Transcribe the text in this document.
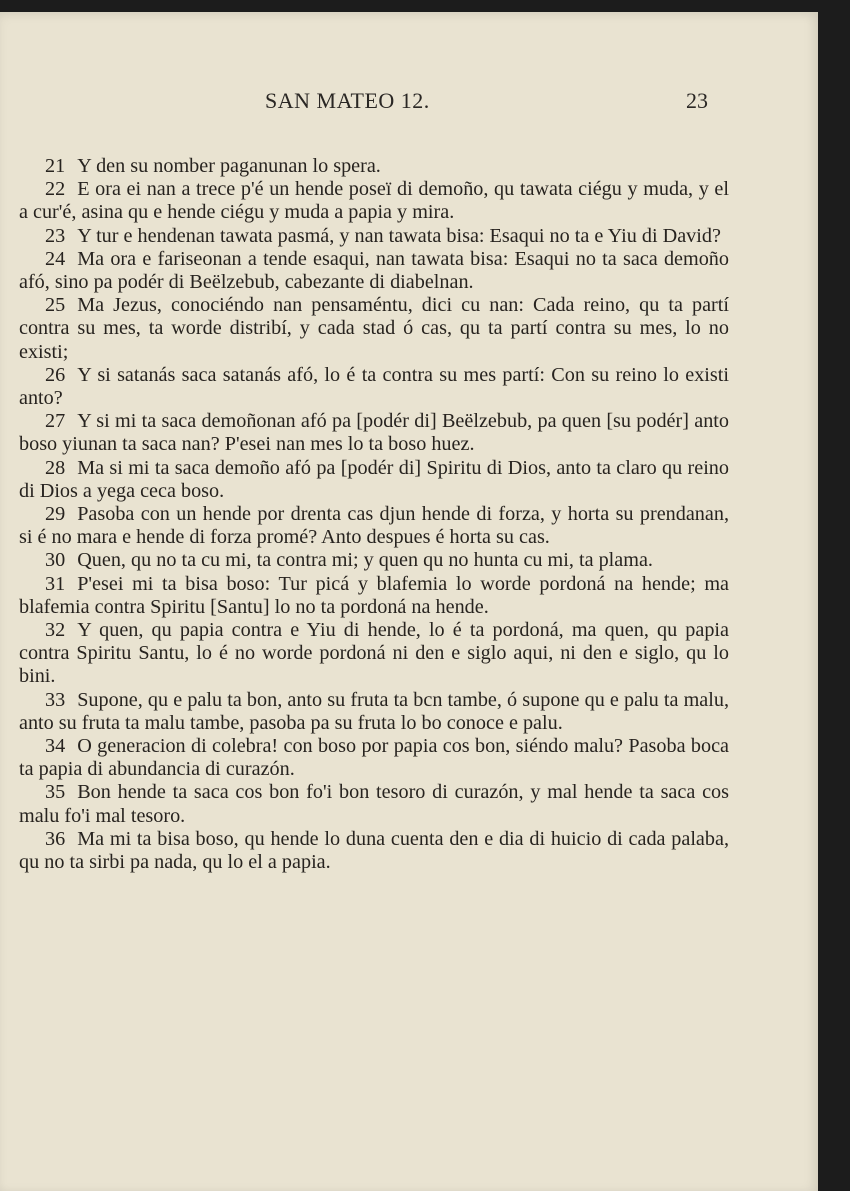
SAN MATEO 12.	23

21 Y den su nomber paganunan lo spera.

22 E ora ei nan a trece p'é un hende poseï di demoño, qu tawata ciégu y muda, y el a cur'é, asina qu e hende ciégu y muda a papia y mira.

23 Y tur e hendenan tawata pasmá, y nan tawata bisa: Esaqui no ta e Yiu di David?

24 Ma ora e fariseonan a tende esaqui, nan tawata bisa: Esaqui no ta saca demoño afó, sino pa podér di Beëlzebub, cabezante di diabelnan.

25 Ma Jezus, conociéndo nan pensaméntu, dici cu nan: Cada reino, qu ta partí contra su mes, ta worde distribí, y cada stad ó cas, qu ta partí contra su mes, lo no existi;

26 Y si satanás saca satanás afó, lo é ta contra su mes partí: Con su reino lo existi anto?

27 Y si mi ta saca demoñonan afó pa [podér di] Beëlzebub, pa quen [su podér] anto boso yiunan ta saca nan? P'esei nan mes lo ta boso huez.

28 Ma si mi ta saca demoño afó pa [podér di] Spiritu di Dios, anto ta claro qu reino di Dios a yega ceca boso.

29 Pasoba con un hende por drenta cas djun hende di forza, y horta su prendanan, si é no mara e hende di forza promé? Anto despues é horta su cas.

30 Quen, qu no ta cu mi, ta contra mi; y quen qu no hunta cu mi, ta plama.

31 P'esei mi ta bisa boso: Tur picá y blafemia lo worde pordoná na hende; ma blafemia contra Spiritu [Santu] lo no ta pordoná na hende.

32 Y quen, qu papia contra e Yiu di hende, lo é ta pordoná, ma quen, qu papia contra Spiritu Santu, lo é no worde pordoná ni den e siglo aqui, ni den e siglo, qu lo bini.

33 Supone, qu e palu ta bon, anto su fruta ta bcn tambe, ó supone qu e palu ta malu, anto su fruta ta malu tambe, pasoba pa su fruta lo bo conoce e palu.

34 O generacion di colebra! con boso por papia cos bon, siéndo malu? Pasoba boca ta papia di abundancia di curazón.

35 Bon hende ta saca cos bon fo'i bon tesoro di curazón, y mal hende ta saca cos malu fo'i mal tesoro.

36 Ma mi ta bisa boso, qu hende lo duna cuenta den e dia di huicio di cada palaba, qu no ta sirbi pa nada, qu lo el a papia.
